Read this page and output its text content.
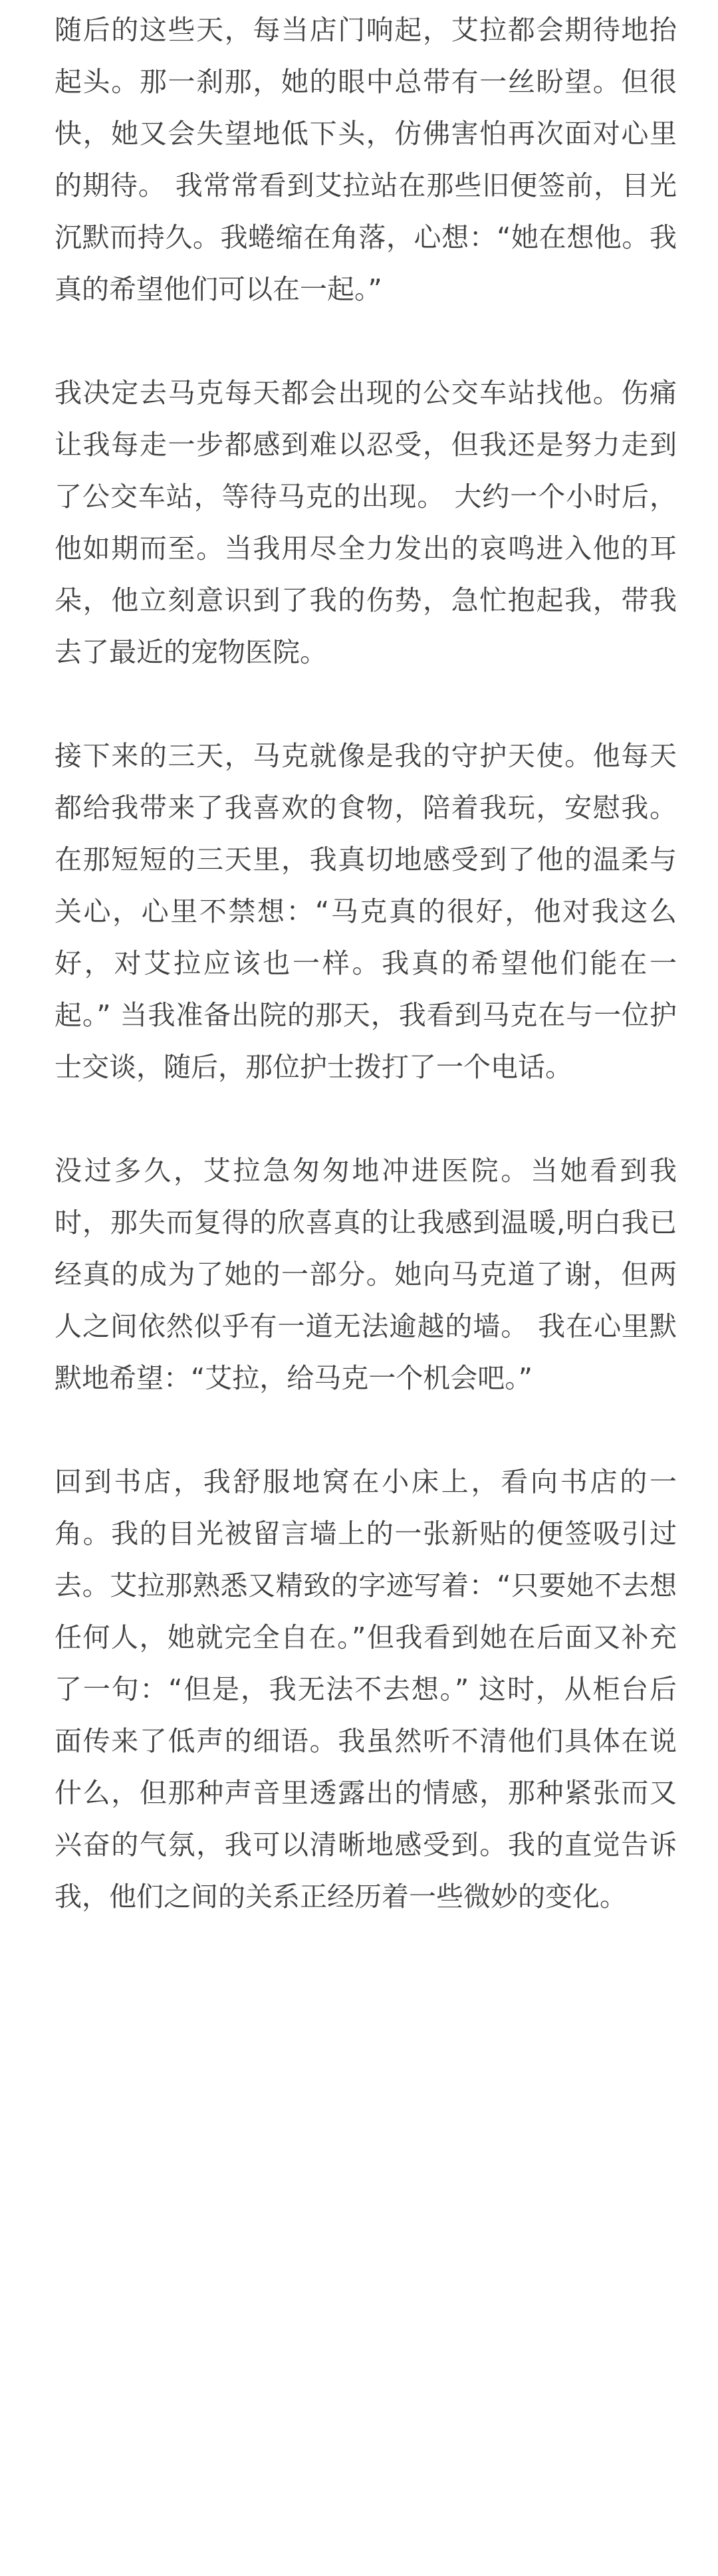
随后的这些天，每当店门响起，艾拉都会期待地抬起头。那一刹那，她的眼中总带有一丝盼望。但很快，她又会失望地低下头，仿佛害怕再次面对心里的期待。 我常常看到艾拉站在那些旧便签前，目光沉默而持久。我蜷缩在角落，心想：“她在想他。我真的希望他们可以在一起。”

我决定去马克每天都会出现的公交车站找他。伤痛让我每走一步都感到难以忍受，但我还是努力走到了公交车站，等待马克的出现。 大约一个小时后，他如期而至。当我用尽全力发出的哀鸣进入他的耳朵，他立刻意识到了我的伤势，急忙抱起我，带我去了最近的宠物医院。

接下来的三天，马克就像是我的守护天使。他每天都给我带来了我喜欢的食物，陪着我玩，安慰我。在那短短的三天里，我真切地感受到了他的温柔与关心，心里不禁想：“马克真的很好，他对我这么好，对艾拉应该也一样。我真的希望他们能在一起。” 当我准备出院的那天，我看到马克在与一位护士交谈，随后，那位护士拨打了一个电话。

没过多久，艾拉急匆匆地冲进医院。当她看到我时，那失而复得的欣喜真的让我感到温暖,明白我已经真的成为了她的一部分。她向马克道了谢，但两人之间依然似乎有一道无法逾越的墙。 我在心里默默地希望：“艾拉，给马克一个机会吧。”

回到书店，我舒服地窝在小床上，看向书店的一角。我的目光被留言墙上的一张新贴的便签吸引过去。艾拉那熟悉又精致的字迹写着：“只要她不去想任何人，她就完全自在。”但我看到她在后面又补充了一句：“但是，我无法不去想。” 这时，从柜台后面传来了低声的细语。我虽然听不清他们具体在说什么，但那种声音里透露出的情感，那种紧张而又兴奋的气氛，我可以清晰地感受到。我的直觉告诉我，他们之间的关系正经历着一些微妙的变化。
